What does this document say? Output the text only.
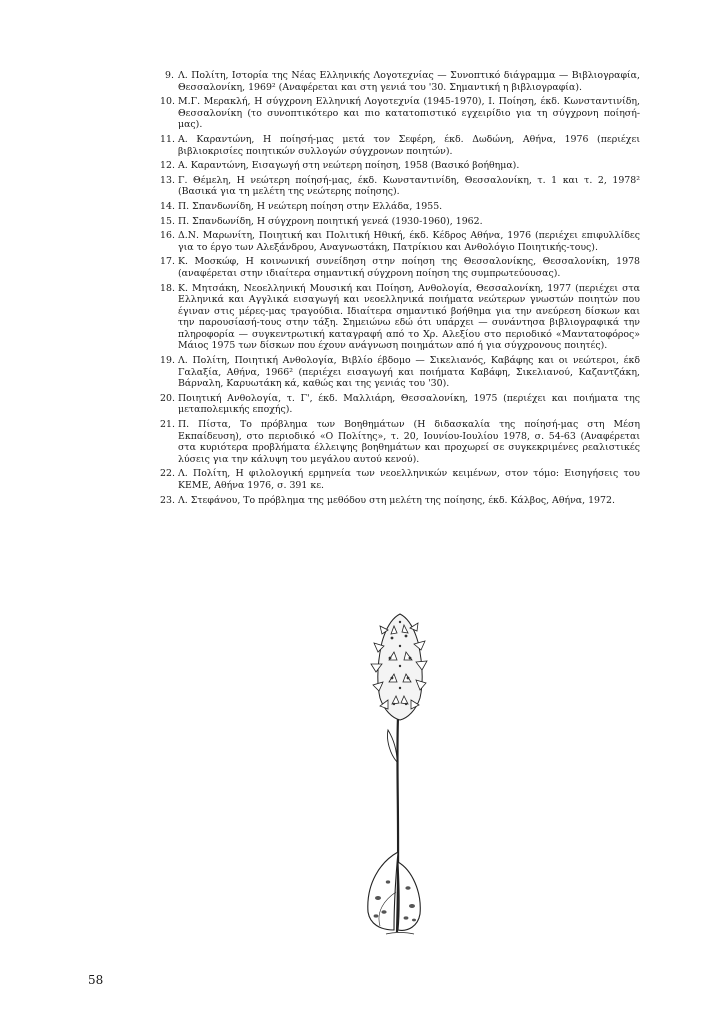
9 . Λ. Πολίτη, Ιστορία της Νέας Ελληνικής Λογοτεχνίας — Συνοπτικό διάγραμμα — Βιβλιογραφία, Θεσσαλονίκη, 1969² (Αναφέρεται και στη γενιά του '30. Σημαντική η βιβλιογραφία).
10 . Μ.Γ. Μερακλή, Η σύγχρονη Ελληνική Λογοτεχνία (1945-1970), Ι. Ποίηση, έκδ. Κωνσταντινίδη, Θεσσαλονίκη (το συνοπτικότερο και πιο κατατοπιστικό εγχειρίδιο για τη σύγχρονη ποίησή-μας).
11 . Α. Καραντώνη, Η ποίησή-μας μετά τον Σεφέρη, έκδ. Δωδώνη, Αθήνα, 1976 (περιέχει βιβλιοκρισίες ποιητικών συλλογών σύγχρονων ποιητών).
12 . Α. Καραντώνη, Εισαγωγή στη νεώτερη ποίηση, 1958 (Βασικό βοήθημα).
13 . Γ. Θέμελη, Η νεώτερη ποίησή-μας, έκδ. Κωνσταντινίδη, Θεσσαλονίκη, τ. 1 και τ. 2, 1978² (Βασικά για τη μελέτη της νεώτερης ποίησης).
14 . Π. Σπανδωνίδη, Η νεώτερη ποίηση στην Ελλάδα, 1955.
15 . Π. Σπανδωνίδη, Η σύγχρονη ποιητική γενεά (1930-1960), 1962.
16 . Δ.Ν. Μαρωνίτη, Ποιητική και Πολιτική Ηθική, έκδ. Κέδρος Αθήνα, 1976 (περιέχει επιφυλλίδες για το έργο των Αλεξάνδρου, Αναγνωστάκη, Πατρίκιου και Ανθολόγιο Ποιητικής-τους).
17 . Κ. Μοσκώφ, Η κοινωνική συνείδηση στην ποίηση της Θεσσαλονίκης, Θεσσαλονίκη, 1978 (αναφέρεται στην ιδιαίτερα σημαντική σύγχρονη ποίηση της συμπρωτεύουσας).
18 . Κ. Μητσάκη, Νεοελληνική Μουσική και Ποίηση, Ανθολογία, Θεσσαλονίκη, 1977 (περιέχει στα Ελληνικά και Αγγλικά εισαγωγή και νεοελληνικά ποιήματα νεώτερων γνωστών ποιητών που έγιναν στις μέρες-μας τραγούδια. Ιδιαίτερα σημαντικό βοήθημα για την ανεύρεση δίσκων και την παρουσίασή-τους στην τάξη. Σημειώνω εδώ ότι υπάρχει — συνάντησα βιβλιογραφικά την πληροφορία — συγκεντρωτική καταγραφή από το Χρ. Αλεξίου στο περιοδικό «Μαντατοφόρος» Μάιος 1975 των δίσκων που έχουν ανάγνωση ποιημάτων από ή για σύγχρονους ποιητές).
19 . Λ. Πολίτη, Ποιητική Ανθολογία, Βιβλίο έβδομο — Σικελιανός, Καβάφης και οι νεώτεροι, έκδ Γαλαξία, Αθήνα, 1966² (περιέχει εισαγωγή και ποιήματα Καβάφη, Σικελιανού, Καζαντζάκη, Βάρναλη, Καρυωτάκη κά, καθώς και της γενιάς του '30).
20 . Ποιητική Ανθολογία, τ. Γ', έκδ. Μαλλιάρη, Θεσσαλονίκη, 1975 (περιέχει και ποιήματα της μεταπολεμικής εποχής).
21 . Π. Πίστα, Το πρόβλημα των Βοηθημάτων (Η διδασκαλία της ποίησή-μας στη Μέση Εκπαίδευση), στο περιοδικό «Ο Πολίτης», τ. 20, Ιουνίου-Ιουλίου 1978, σ. 54-63 (Αναφέρεται στα κυριότερα προβλήματα έλλειψης βοηθημάτων και προχωρεί σε συγκεκριμένες ρεαλιστικές λύσεις για την κάλυψη του μεγάλου αυτού κενού).
22 . Λ. Πολίτη, Η φιλολογική ερμηνεία των νεοελληνικών κειμένων, στον τόμο: Εισηγήσεις του ΚΕΜΕ, Αθήνα 1976, σ. 391 κε.
23 . Λ. Στεφάνου, Το πρόβλημα της μεθόδου στη μελέτη της ποίησης, έκδ. Κάλβος, Αθήνα, 1972.
58
